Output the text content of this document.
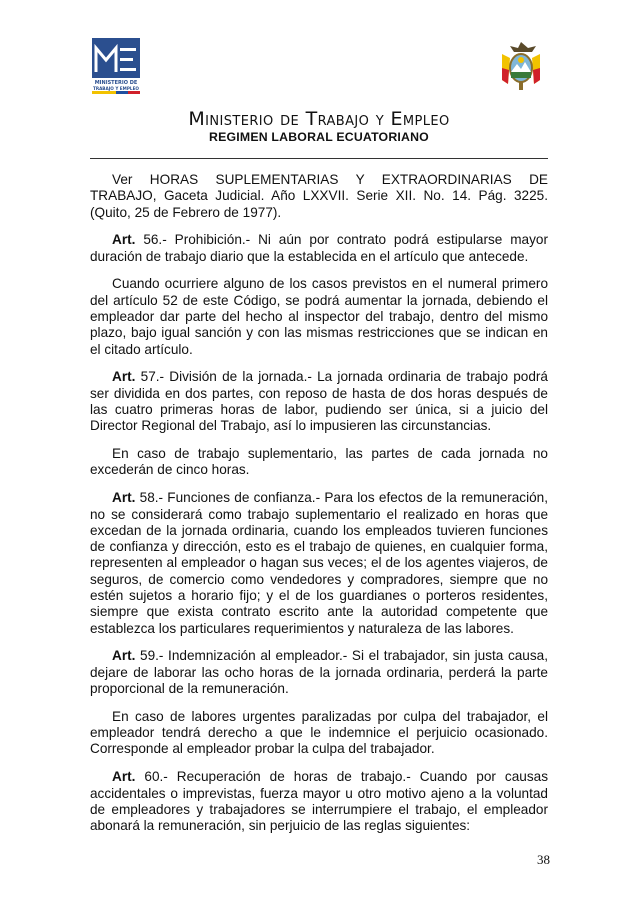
MINISTERIO DE
TRABAJO Y EMPLEO
Ministerio de Trabajo y Empleo
REGIMEN LABORAL ECUATORIANO

Ver HORAS SUPLEMENTARIAS Y EXTRAORDINARIAS DE TRABAJO, Gaceta Judicial. Año LXXVII. Serie XII. No. 14. Pág. 3225. (Quito, 25 de Febrero de 1977).

Art. 56.- Prohibición.- Ni aún por contrato podrá estipularse mayor duración de trabajo diario que la establecida en el artículo que antecede.

Cuando ocurriere alguno de los casos previstos en el numeral primero del artículo 52 de este Código, se podrá aumentar la jornada, debiendo el empleador dar parte del hecho al inspector del trabajo, dentro del mismo plazo, bajo igual sanción y con las mismas restricciones que se indican en el citado artículo.

Art. 57.- División de la jornada.- La jornada ordinaria de trabajo podrá ser dividida en dos partes, con reposo de hasta de dos horas después de las cuatro primeras horas de labor, pudiendo ser única, si a juicio del Director Regional del Trabajo, así lo impusieren las circunstancias.

En caso de trabajo suplementario, las partes de cada jornada no excederán de cinco horas.

Art. 58.- Funciones de confianza.- Para los efectos de la remuneración, no se considerará como trabajo suplementario el realizado en horas que excedan de la jornada ordinaria, cuando los empleados tuvieren funciones de confianza y dirección, esto es el trabajo de quienes, en cualquier forma, representen al empleador o hagan sus veces; el de los agentes viajeros, de seguros, de comercio como vendedores y compradores, siempre que no estén sujetos a horario fijo; y el de los guardianes o porteros residentes, siempre que exista contrato escrito ante la autoridad competente que establezca los particulares requerimientos y naturaleza de las labores.

Art. 59.- Indemnización al empleador.- Si el trabajador, sin justa causa, dejare de laborar las ocho horas de la jornada ordinaria, perderá la parte proporcional de la remuneración.

En caso de labores urgentes paralizadas por culpa del trabajador, el empleador tendrá derecho a que le indemnice el perjuicio ocasionado. Corresponde al empleador probar la culpa del trabajador.

Art. 60.- Recuperación de horas de trabajo.- Cuando por causas accidentales o imprevistas, fuerza mayor u otro motivo ajeno a la voluntad de empleadores y trabajadores se interrumpiere el trabajo, el empleador abonará la remuneración, sin perjuicio de las reglas siguientes:

38
